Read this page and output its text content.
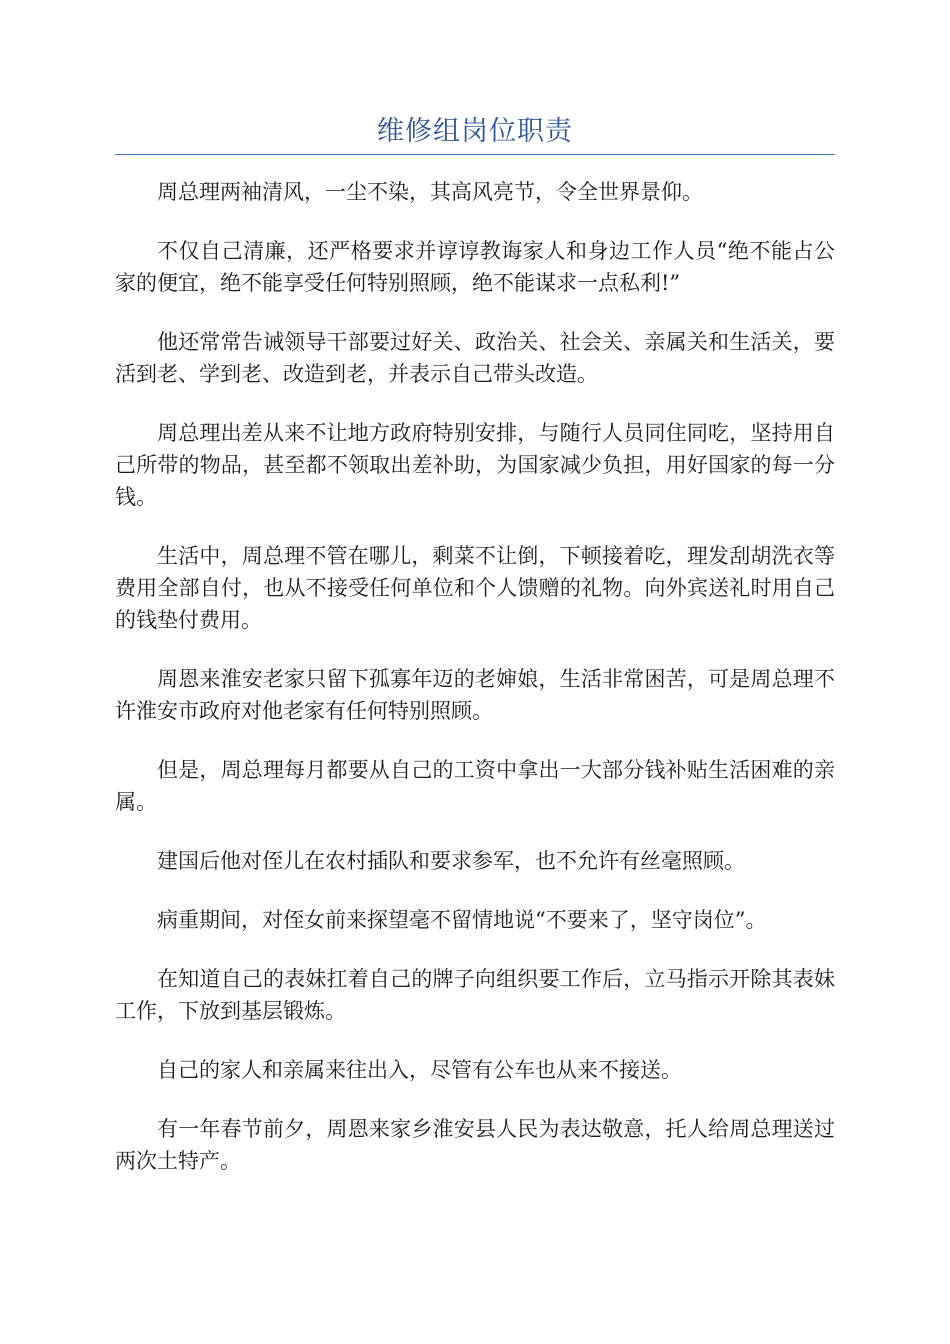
维修组岗位职责

周总理两袖清风，一尘不染，其高风亮节，令全世界景仰。

不仅自己清廉，还严格要求并谆谆教诲家人和身边工作人员“绝不能占公家的便宜，绝不能享受任何特别照顾，绝不能谋求一点私利!”

他还常常告诫领导干部要过好关、政治关、社会关、亲属关和生活关，要活到老、学到老、改造到老，并表示自己带头改造。

周总理出差从来不让地方政府特别安排，与随行人员同住同吃，坚持用自己所带的物品，甚至都不领取出差补助，为国家减少负担，用好国家的每一分钱。

生活中，周总理不管在哪儿，剩菜不让倒，下顿接着吃，理发刮胡洗衣等费用全部自付，也从不接受任何单位和个人馈赠的礼物。向外宾送礼时用自己的钱垫付费用。

周恩来淮安老家只留下孤寡年迈的老婶娘，生活非常困苦，可是周总理不许淮安市政府对他老家有任何特别照顾。

但是，周总理每月都要从自己的工资中拿出一大部分钱补贴生活困难的亲属。

建国后他对侄儿在农村插队和要求参军，也不允许有丝毫照顾。

病重期间，对侄女前来探望毫不留情地说“不要来了，坚守岗位”。

在知道自己的表妹扛着自己的牌子向组织要工作后，立马指示开除其表妹工作，下放到基层锻炼。

自己的家人和亲属来往出入，尽管有公车也从来不接送。

有一年春节前夕，周恩来家乡淮安县人民为表达敬意，托人给周总理送过两次土特产。
